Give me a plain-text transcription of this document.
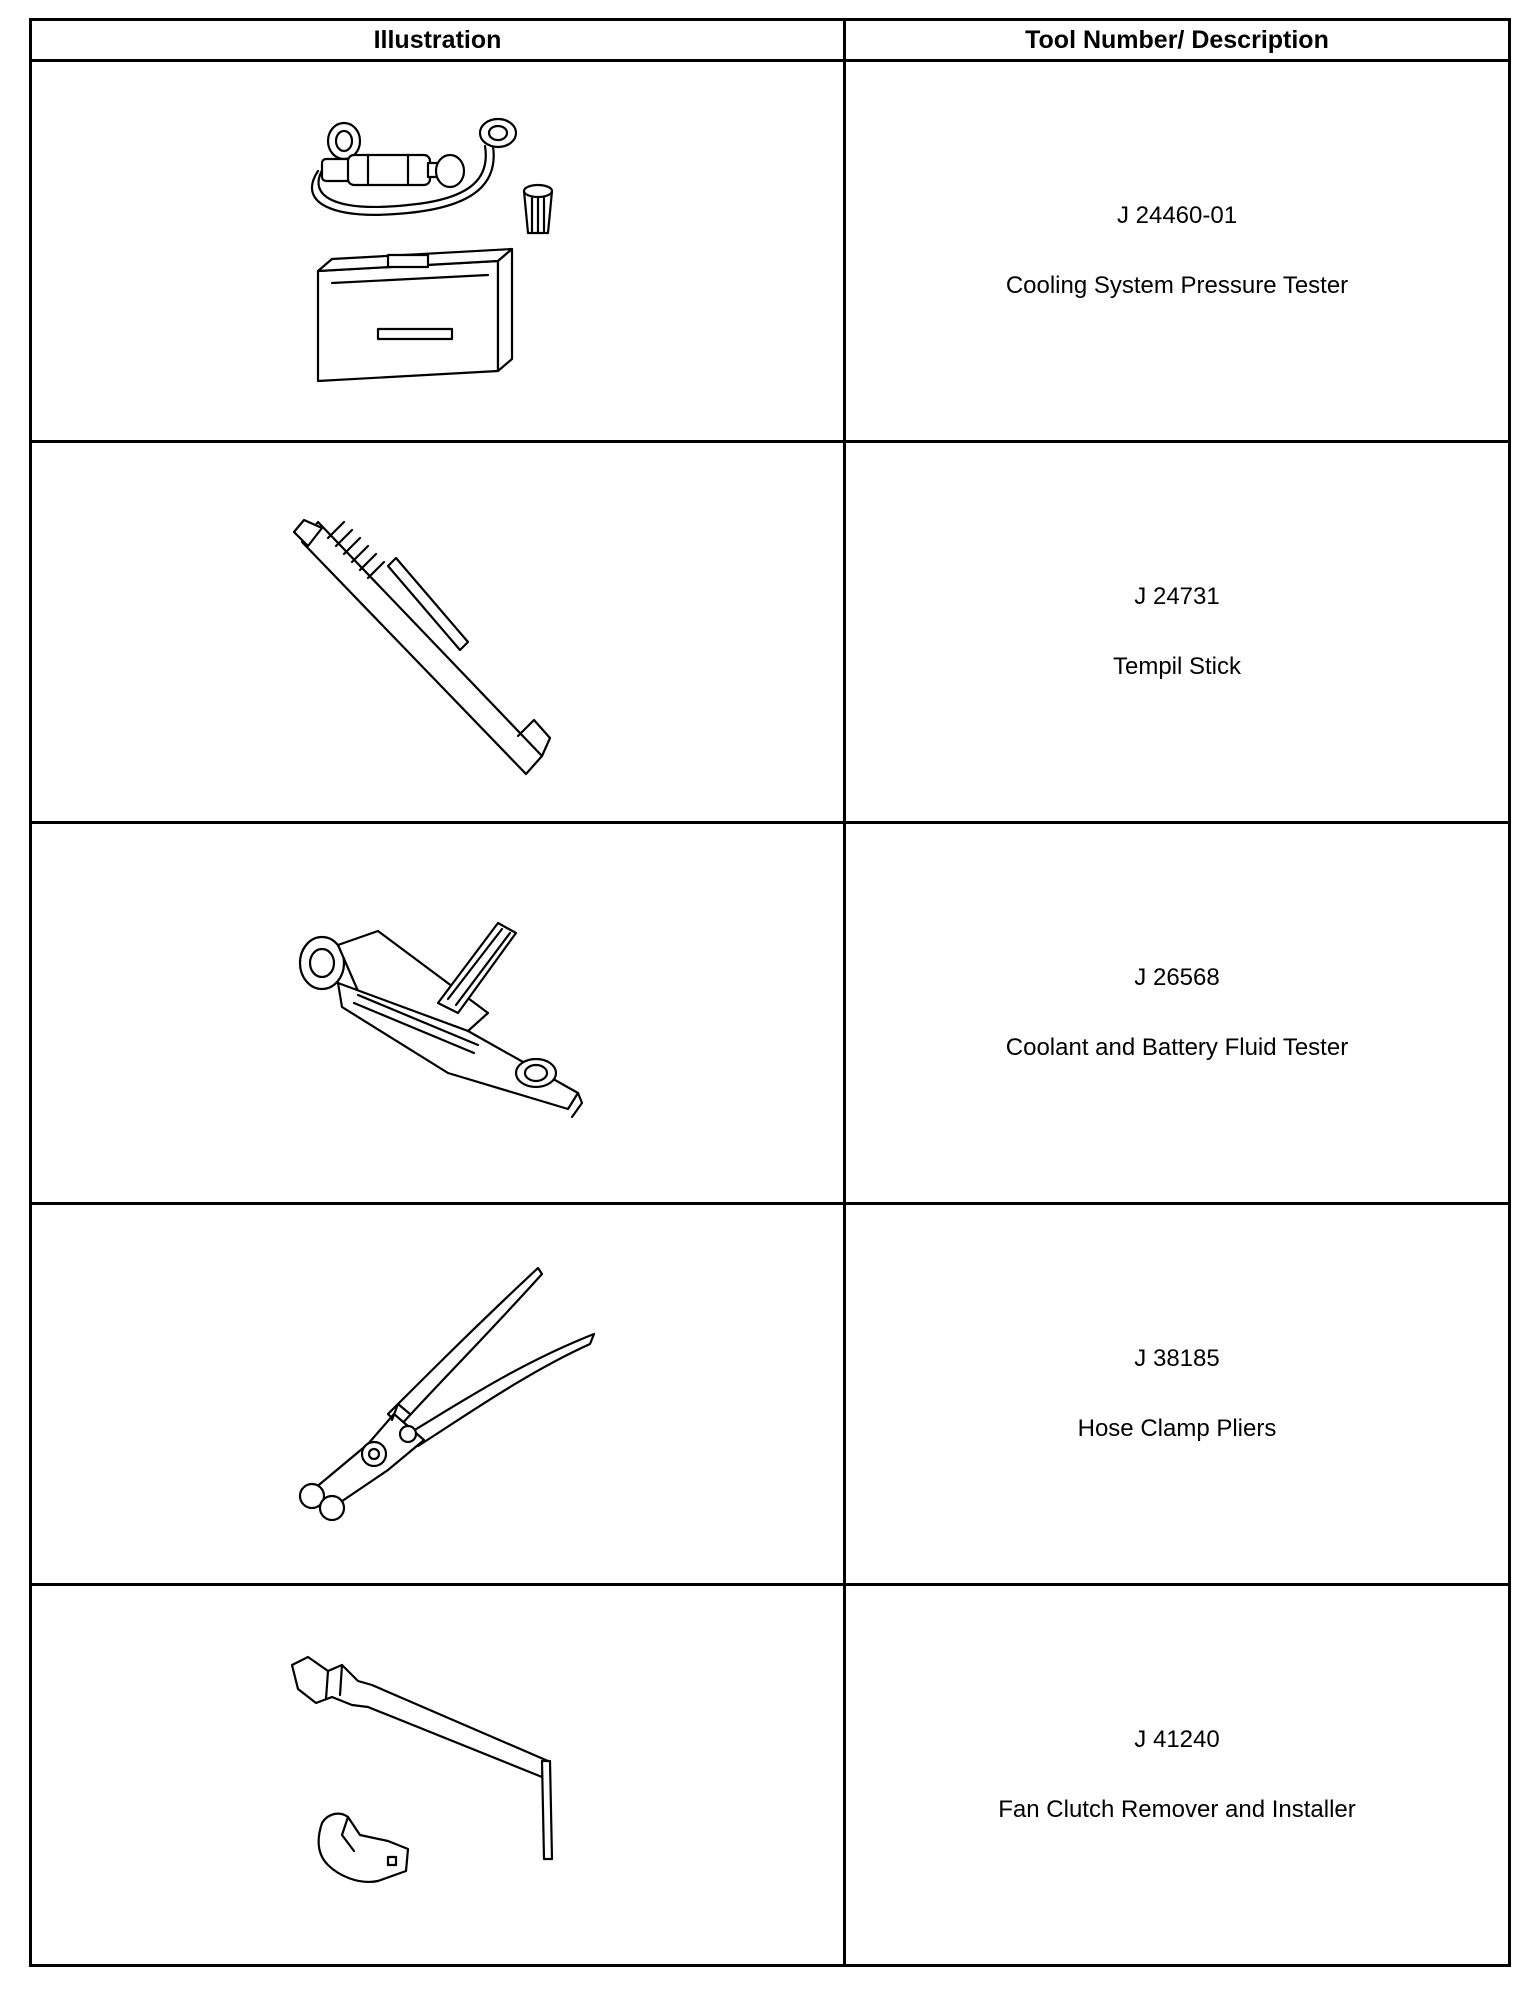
Illustration	Tool Number/ Description

J 24460-01
Cooling System Pressure Tester

J 24731
Tempil Stick

J 26568
Coolant and Battery Fluid Tester

J 38185
Hose Clamp Pliers

J 41240
Fan Clutch Remover and Installer
